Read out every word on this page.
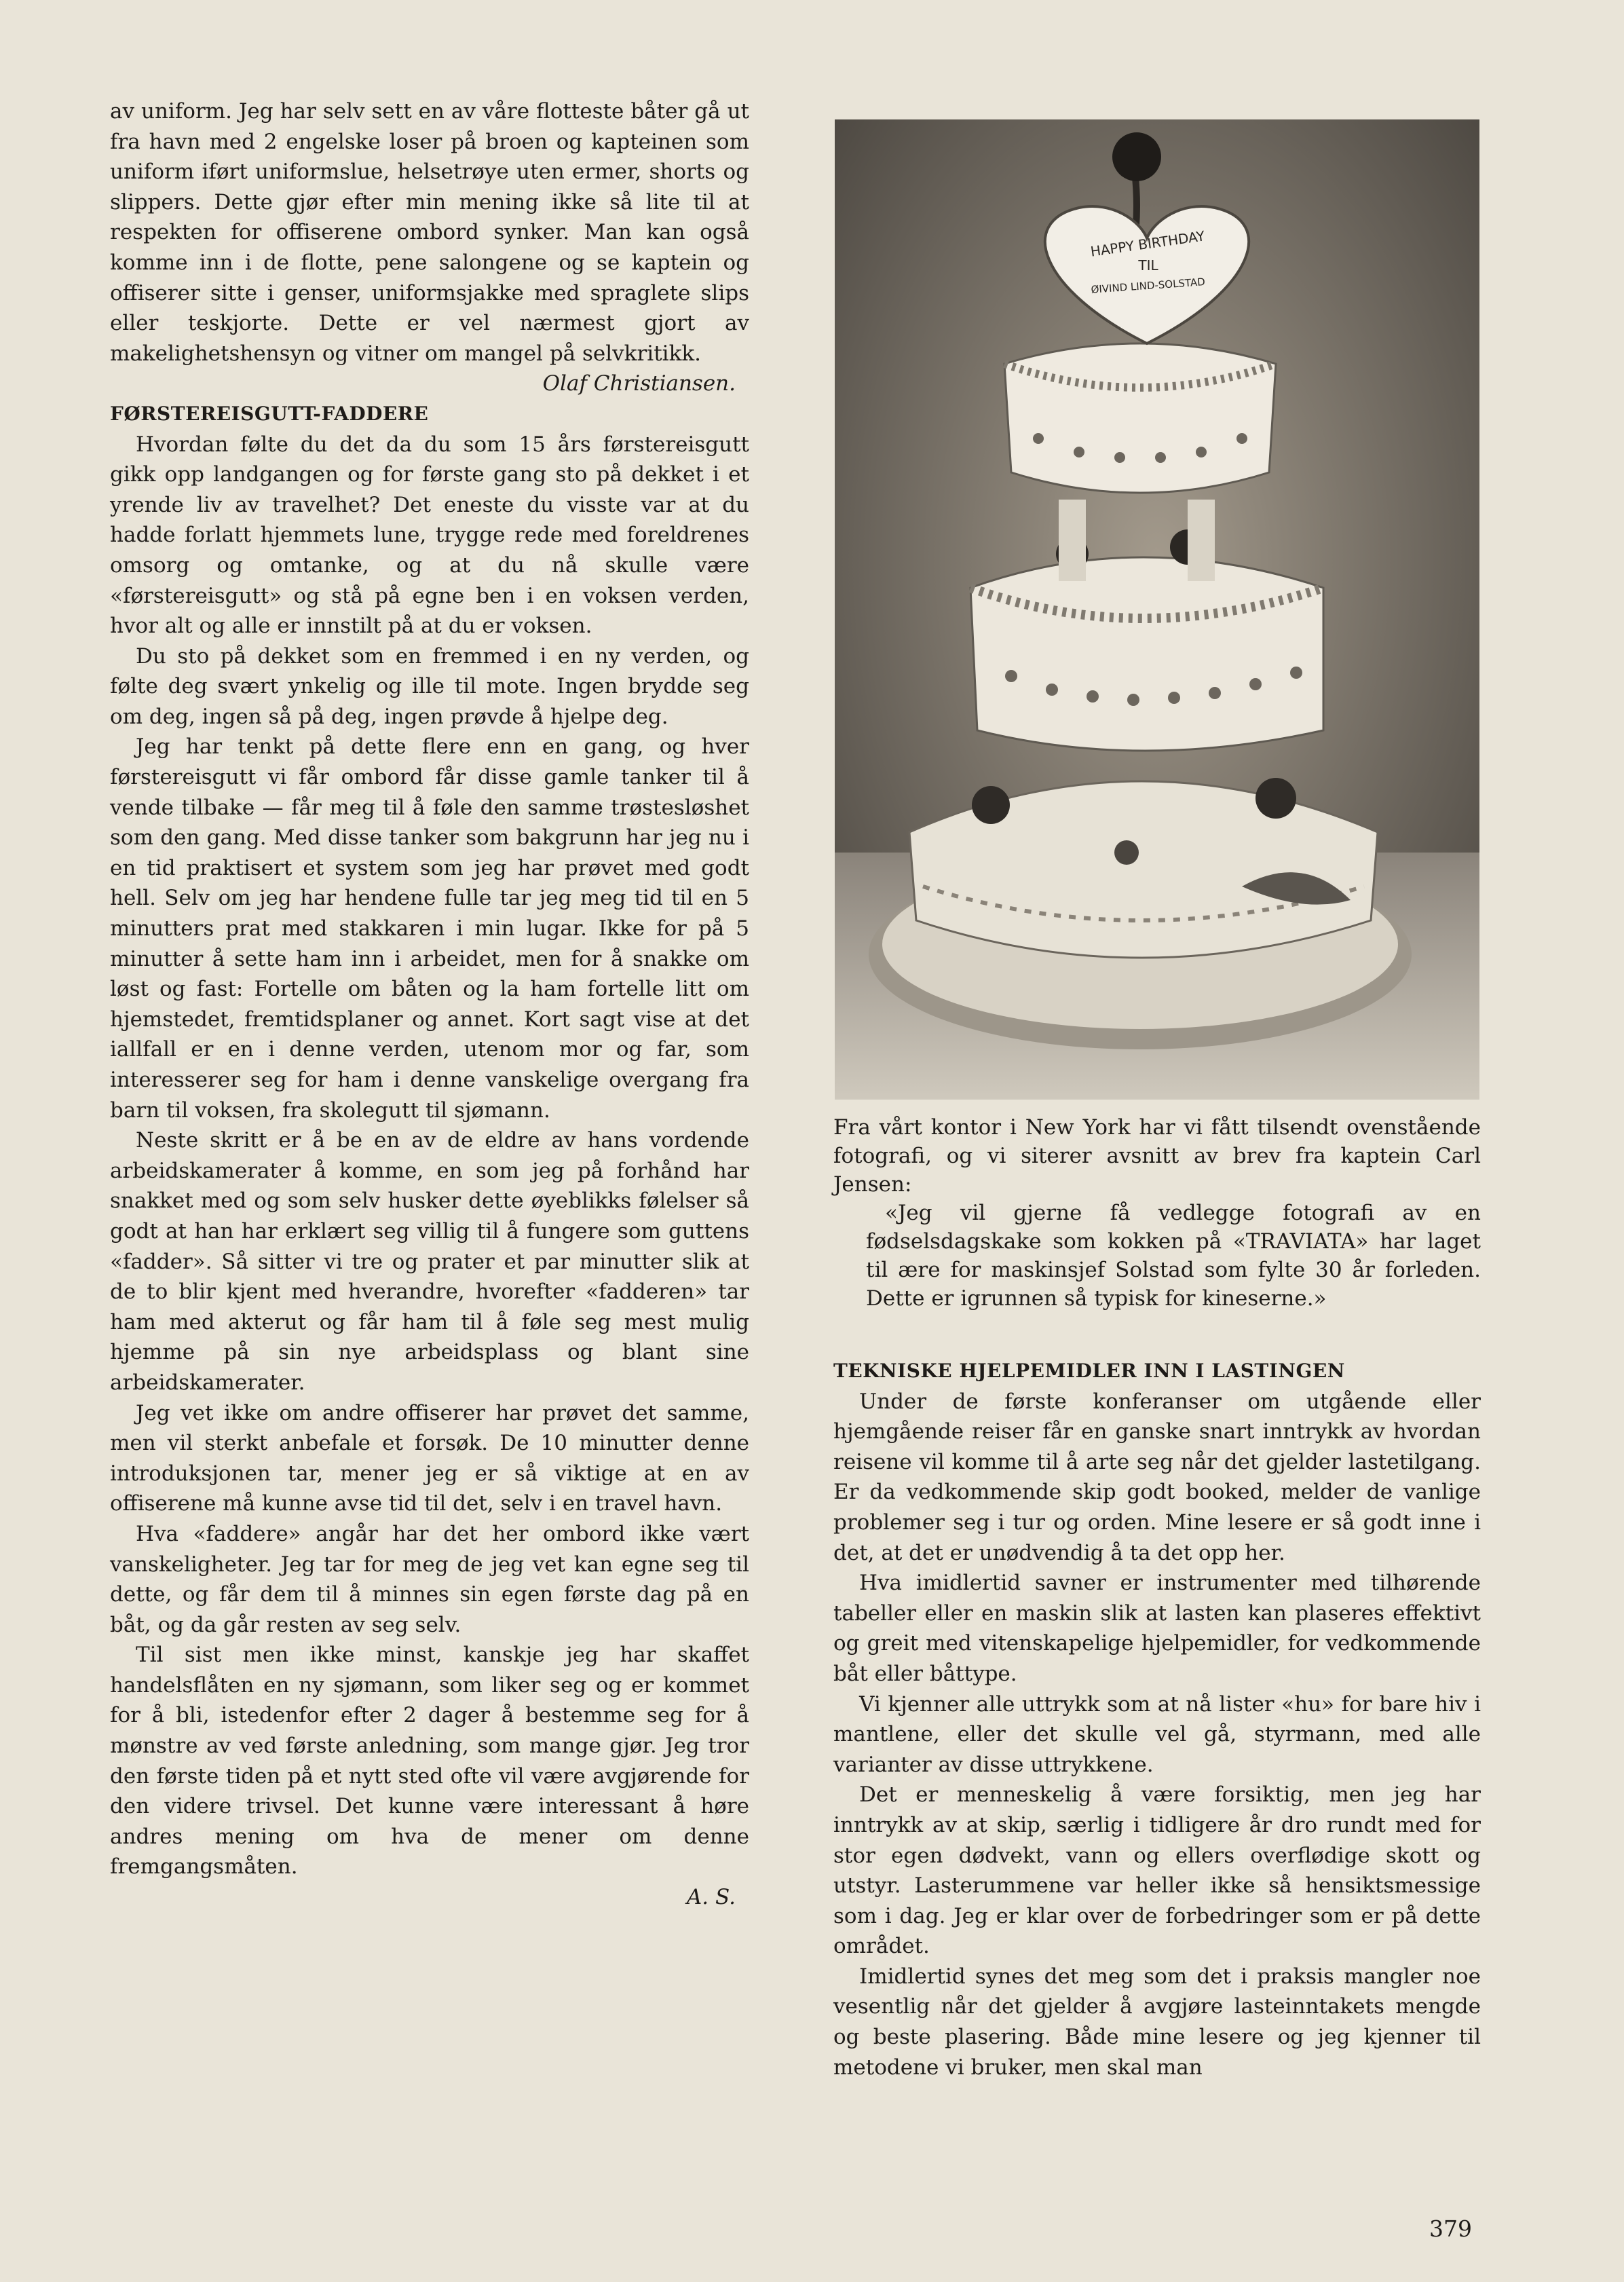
av uniform. Jeg har selv sett en av våre flotteste båter gå ut fra havn med 2 engelske loser på broen og kapteinen som uniform iført uniformslue, helsetrøye uten ermer, shorts og slippers. Dette gjør efter min mening ikke så lite til at respekten for offiserene ombord synker. Man kan også komme inn i de flotte, pene salongene og se kaptein og offiserer sitte i genser, uniformsjakke med spraglete slips eller teskjorte. Dette er vel nærmest gjort av makelighetshensyn og vitner om mangel på selvkritikk.

Olaf Christiansen.

FØRSTEREISGUTT-FADDERE

Hvordan følte du det da du som 15 års førstereisgutt gikk opp landgangen og for første gang sto på dekket i et yrende liv av travelhet? Det eneste du visste var at du hadde forlatt hjemmets lune, trygge rede med foreldrenes omsorg og omtanke, og at du nå skulle være «førstereisgutt» og stå på egne ben i en voksen verden, hvor alt og alle er innstilt på at du er voksen.

Du sto på dekket som en fremmed i en ny verden, og følte deg svært ynkelig og ille til mote. Ingen brydde seg om deg, ingen så på deg, ingen prøvde å hjelpe deg.

Jeg har tenkt på dette flere enn en gang, og hver førstereisgutt vi får ombord får disse gamle tanker til å vende tilbake — får meg til å føle den samme trøstesløshet som den gang. Med disse tanker som bakgrunn har jeg nu i en tid praktisert et system som jeg har prøvet med godt hell. Selv om jeg har hendene fulle tar jeg meg tid til en 5 minutters prat med stakkaren i min lugar. Ikke for på 5 minutter å sette ham inn i arbeidet, men for å snakke om løst og fast: Fortelle om båten og la ham fortelle litt om hjemstedet, fremtidsplaner og annet. Kort sagt vise at det iallfall er en i denne verden, utenom mor og far, som interesserer seg for ham i denne vanskelige overgang fra barn til voksen, fra skolegutt til sjømann.

Neste skritt er å be en av de eldre av hans vordende arbeidskamerater å komme, en som jeg på forhånd har snakket med og som selv husker dette øyeblikks følelser så godt at han har erklært seg villig til å fungere som guttens «fadder». Så sitter vi tre og prater et par minutter slik at de to blir kjent med hverandre, hvorefter «fadderen» tar ham med akterut og får ham til å føle seg mest mulig hjemme på sin nye arbeidsplass og blant sine arbeidskamerater.

Jeg vet ikke om andre offiserer har prøvet det samme, men vil sterkt anbefale et forsøk. De 10 minutter denne introduksjonen tar, mener jeg er så viktige at en av offiserene må kunne avse tid til det, selv i en travel havn.

Hva «faddere» angår har det her ombord ikke vært vanskeligheter. Jeg tar for meg de jeg vet kan egne seg til dette, og får dem til å minnes sin egen første dag på en båt, og da går resten av seg selv.

Til sist men ikke minst, kanskje jeg har skaffet handelsflåten en ny sjømann, som liker seg og er kommet for å bli, istedenfor efter 2 dager å bestemme seg for å mønstre av ved første anledning, som mange gjør. Jeg tror den første tiden på et nytt sted ofte vil være avgjørende for den videre trivsel. Det kunne være interessant å høre andres mening om hva de mener om denne fremgangsmåten.

A. S.

HAPPY BIRTHDAY
TIL
ØIVIND LIND-SOLSTAD

Fra vårt kontor i New York har vi fått tilsendt ovenstående fotografi, og vi siterer avsnitt av brev fra kaptein Carl Jensen:

«Jeg vil gjerne få vedlegge fotografi av en fødselsdagskake som kokken på «TRAVIATA» har laget til ære for maskinsjef Solstad som fylte 30 år forleden. Dette er igrunnen så typisk for kineserne.»

TEKNISKE HJELPEMIDLER INN I LASTINGEN

Under de første konferanser om utgående eller hjemgående reiser får en ganske snart inntrykk av hvordan reisene vil komme til å arte seg når det gjelder lastetilgang. Er da vedkommende skip godt booked, melder de vanlige problemer seg i tur og orden. Mine lesere er så godt inne i det, at det er unødvendig å ta det opp her.

Hva imidlertid savner er instrumenter med tilhørende tabeller eller en maskin slik at lasten kan plaseres effektivt og greit med vitenskapelige hjelpemidler, for vedkommende båt eller båttype.

Vi kjenner alle uttrykk som at nå lister «hu» for bare hiv i mantlene, eller det skulle vel gå, styrmann, med alle varianter av disse uttrykkene.

Det er menneskelig å være forsiktig, men jeg har inntrykk av at skip, særlig i tidligere år dro rundt med for stor egen dødvekt, vann og ellers overflødige skott og utstyr. Lasterummene var heller ikke så hensiktsmessige som i dag. Jeg er klar over de forbedringer som er på dette området.

Imidlertid synes det meg som det i praksis mangler noe vesentlig når det gjelder å avgjøre lasteinntakets mengde og beste plasering. Både mine lesere og jeg kjenner til metodene vi bruker, men skal man

379
